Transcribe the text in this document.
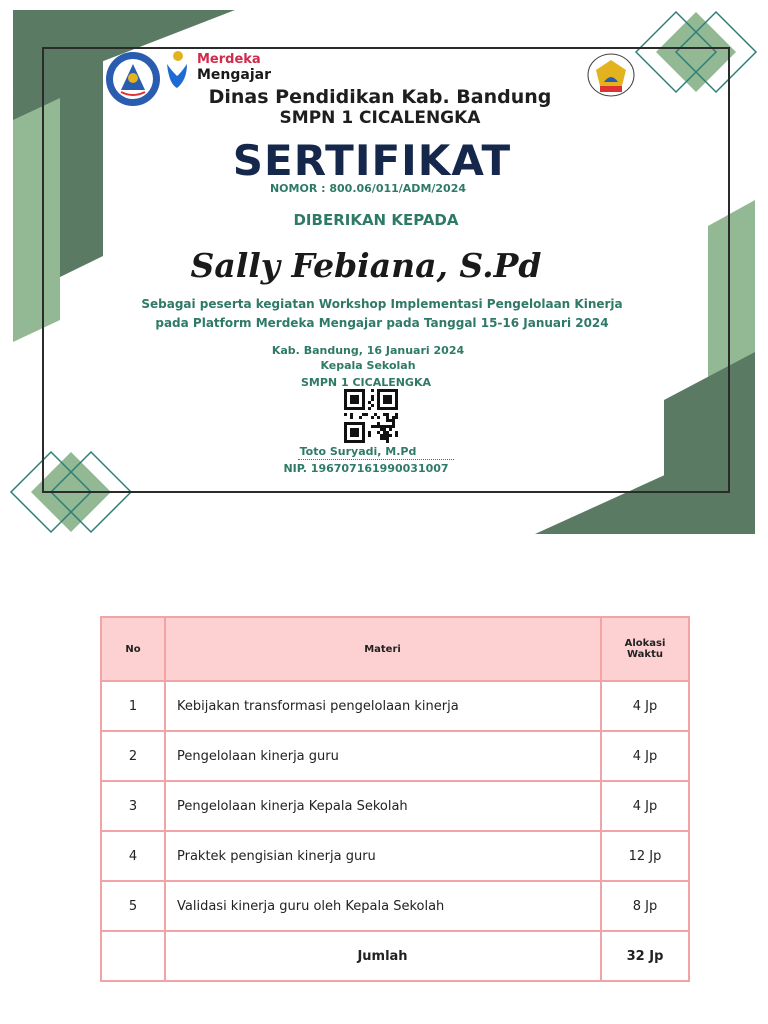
Merdeka
Mengajar
Dinas Pendidikan Kab. Bandung
SMPN 1 CICALENGKA
SERTIFIKAT
NOMOR : 800.06/011/ADM/2024
DIBERIKAN KEPADA
Sally Febiana, S.Pd
Sebagai peserta kegiatan Workshop Implementasi Pengelolaan Kinerja
pada Platform Merdeka Mengajar pada Tanggal 15-16 Januari 2024
Kab. Bandung, 16 Januari 2024
Kepala Sekolah
SMPN 1 CICALENGKA
Toto Suryadi, M.Pd
NIP. 196707161990031007
No	Materi	Alokasi
Waktu
1	Kebijakan transformasi pengelolaan kinerja	4 Jp
2	Pengelolaan kinerja guru	4 Jp
3	Pengelolaan kinerja Kepala Sekolah	4 Jp
4	Praktek pengisian kinerja guru	12 Jp
5	Validasi kinerja guru oleh Kepala Sekolah	8 Jp
	Jumlah	32 Jp
